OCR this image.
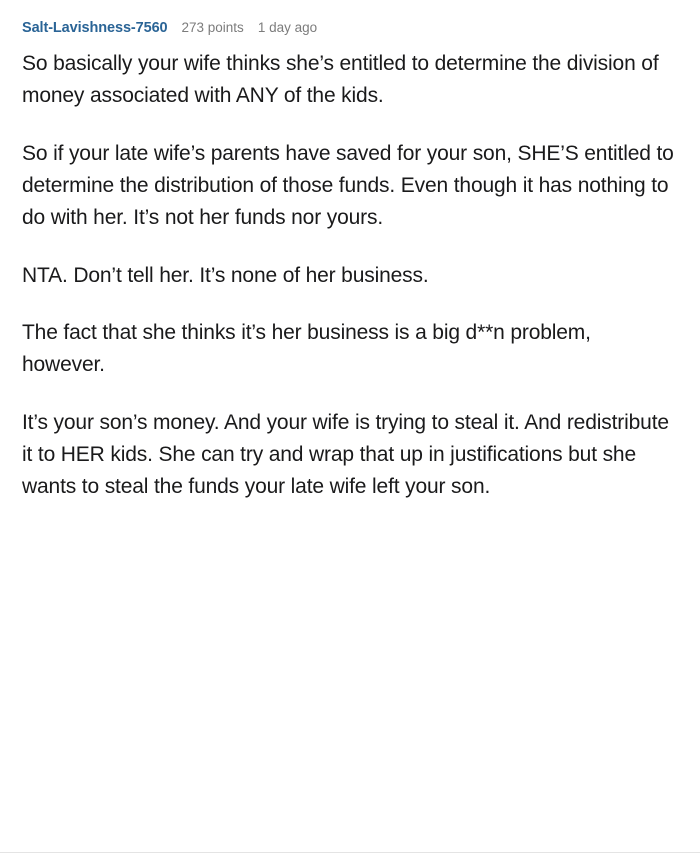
Salt-Lavishness-7560 273 points 1 day ago

So basically your wife thinks she’s entitled to determine the division of money associated with ANY of the kids.

So if your late wife’s parents have saved for your son, SHE’S entitled to determine the distribution of those funds. Even though it has nothing to do with her. It’s not her funds nor yours.

NTA. Don’t tell her. It’s none of her business.

The fact that she thinks it’s her business is a big d**n problem, however.

It’s your son’s money. And your wife is trying to steal it. And redistribute it to HER kids. She can try and wrap that up in justifications but she wants to steal the funds your late wife left your son.
